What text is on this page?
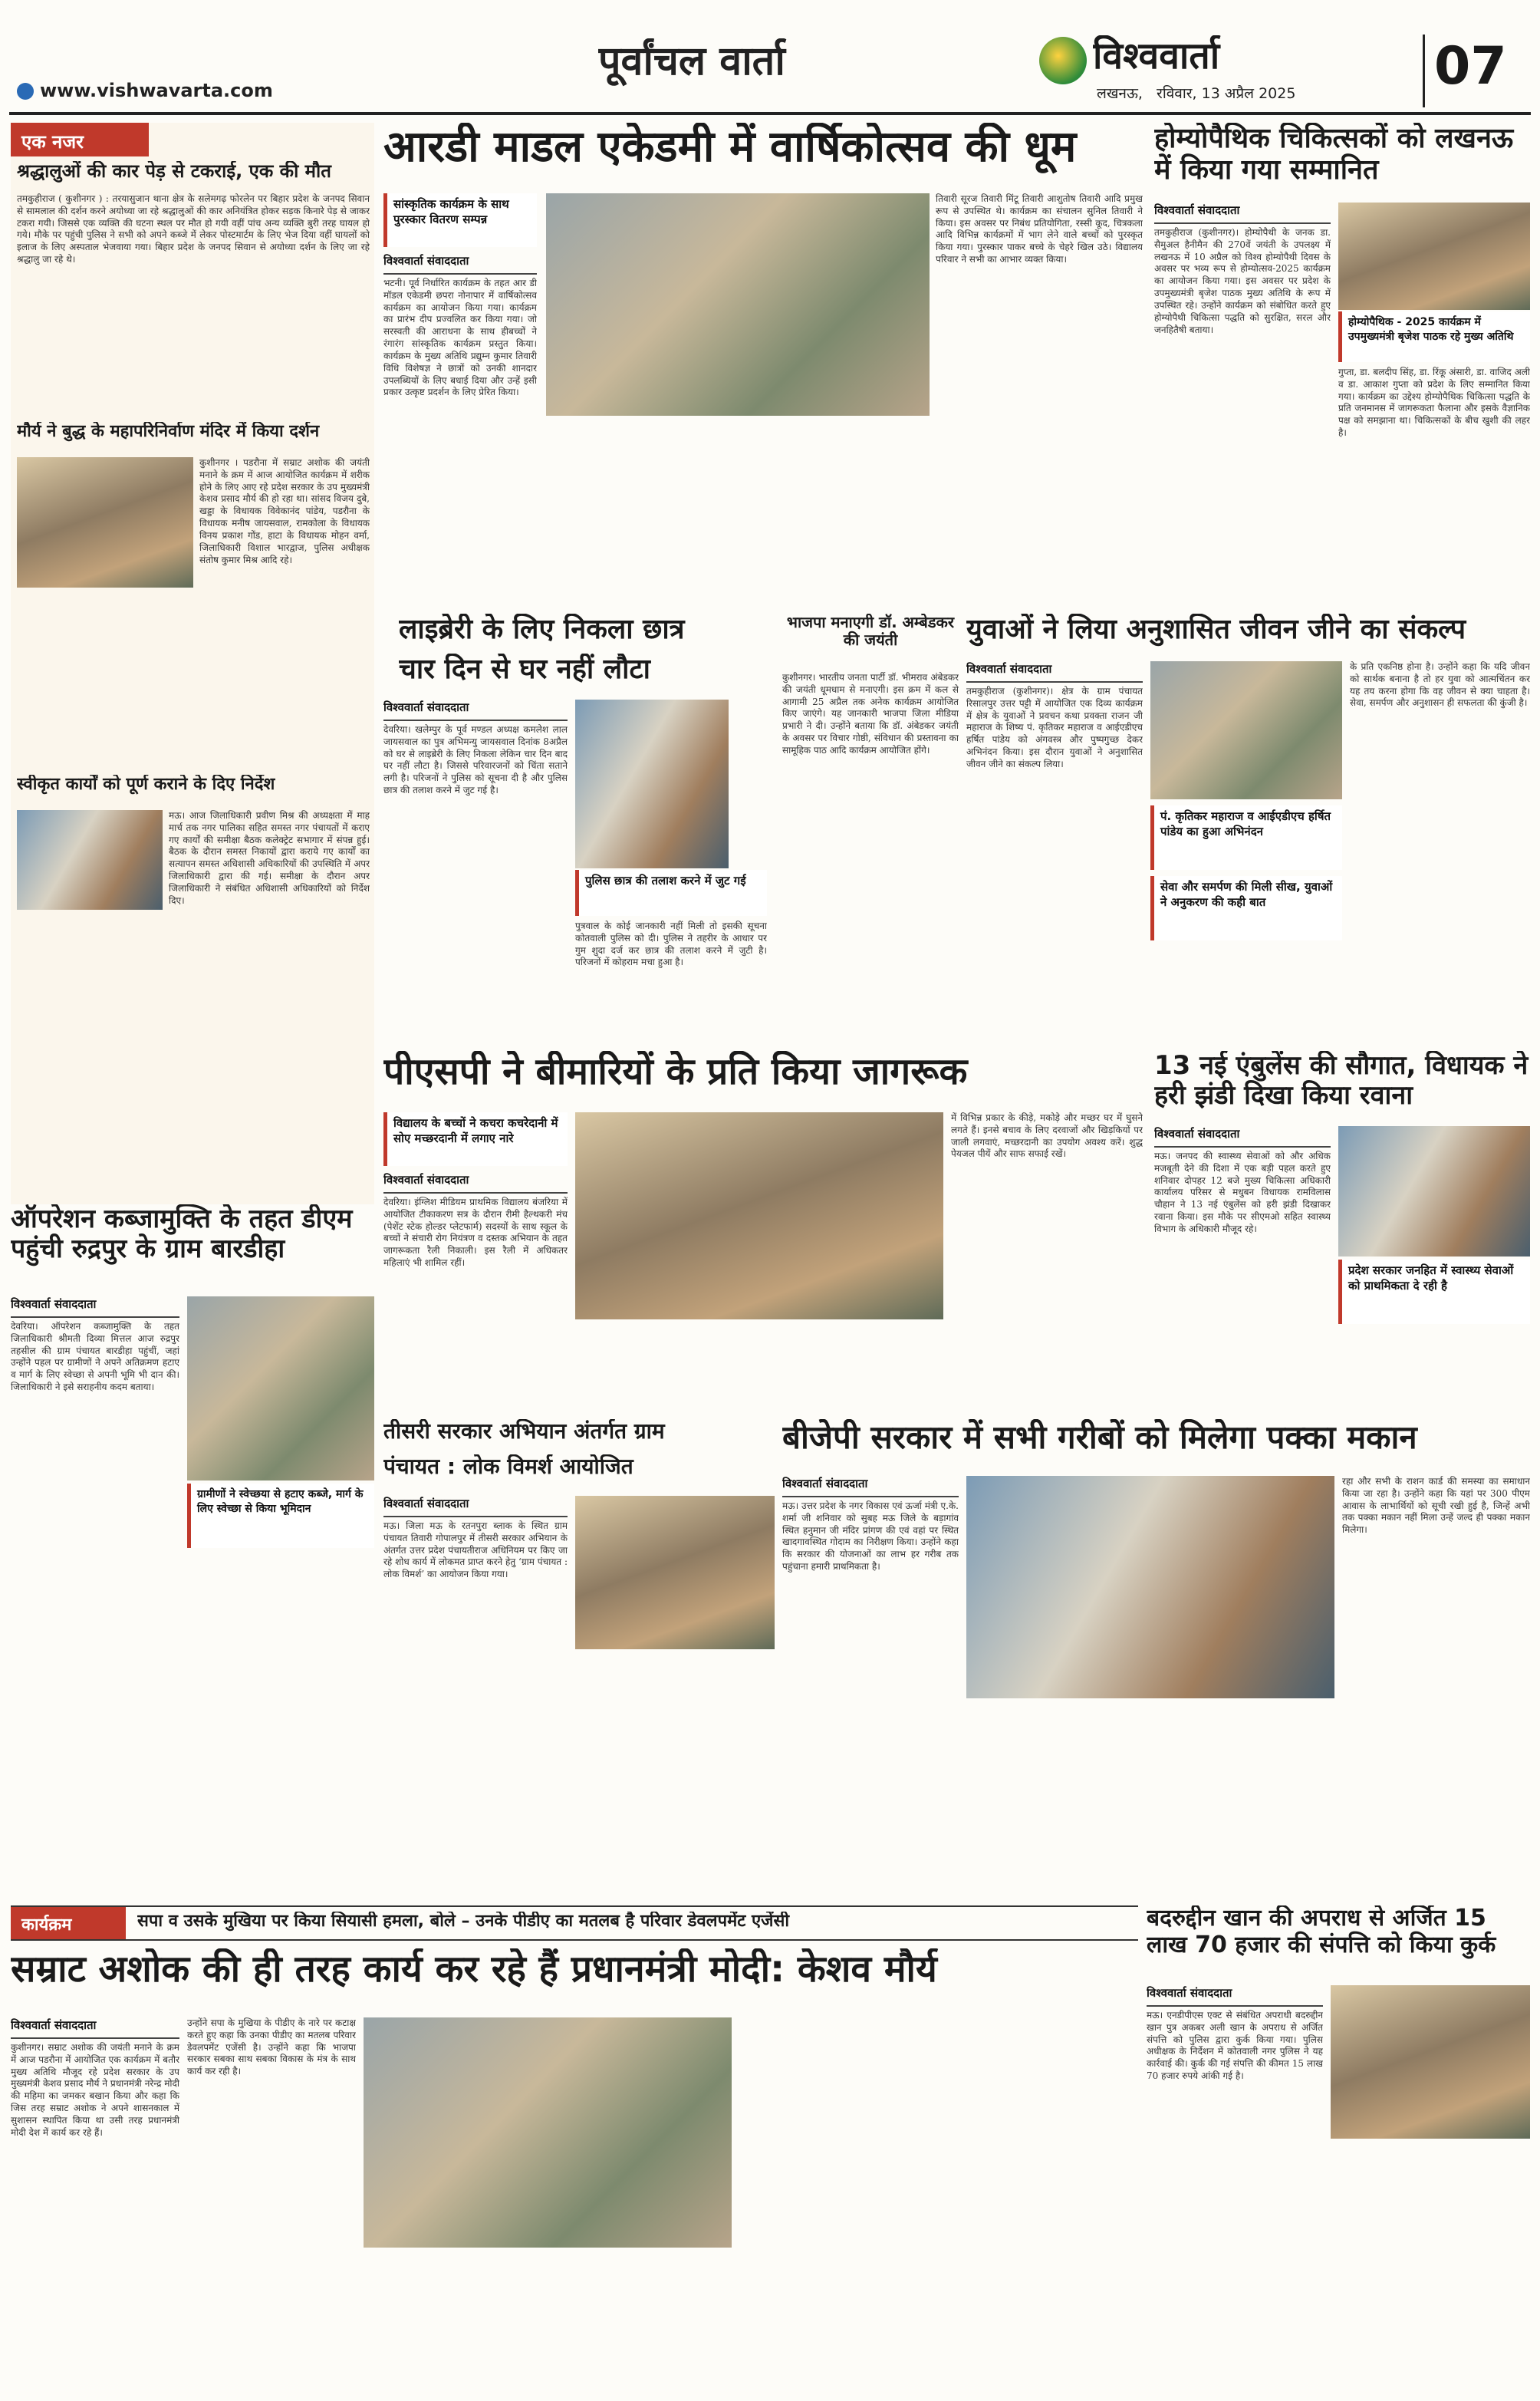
www.vishwavarta.com
पूर्वांचल वार्ता	विश्ववार्ता
लखनऊ,   रविवार, 13 अप्रैल 2025	07
एक नजर
श्रद्धालुओं की कार पेड़ से टकराई, एक की मौत
तमकुहीराज ( कुशीनगर ) : तरयासुजान थाना क्षेत्र के सलेमगढ़ फोरलेन पर बिहार प्रदेश के जनपद सिवान से सामलाल की दर्शन करने अयोध्या जा रहे श्रद्धालुओं की कार अनियंत्रित होकर सड़क किनारे पेड़ से जाकर टकरा गयी। जिससे एक व्यक्ति की घटना स्थल पर मौत हो गयी वहीं पांच अन्य व्यक्ति बुरी तरह घायल हो गये। मौके पर पहुंची पुलिस ने सभी को अपने कब्जे में लेकर पोस्टमार्टम के लिए भेज दिया वहीं घायलों को इलाज के लिए अस्पताल भेजवाया गया। बिहार प्रदेश के जनपद सिवान से अयोध्या दर्शन के लिए जा रहे श्रद्धालु जा रहे थे।
मौर्य ने बुद्ध के महापरिनिर्वाण मंदिर में किया दर्शन
कुशीनगर । पडरौना में सम्राट अशोक की जयंती मनाने के क्रम में आज आयोजित कार्यक्रम में शरीक होने के लिए आए रहे प्रदेश सरकार के उप मुख्यमंत्री केशव प्रसाद मौर्य की हो रहा था। सांसद विजय दुबे, खड्डा के विधायक विवेकानंद पांडेय, पडरौना के विधायक मनीष जायसवाल, रामकोला के विधायक विनय प्रकाश गोंड, हाटा के विधायक मोहन वर्मा, जिलाधिकारी विशाल भारद्वाज, पुलिस अधीक्षक संतोष कुमार मिश्र आदि रहे।
स्वीकृत कार्यों को पूर्ण कराने के दिए निर्देश
मऊ। आज जिलाधिकारी प्रवीण मिश्र की अध्यक्षता में माह मार्च तक नगर पालिका सहित समस्त नगर पंचायतों में कराए गए कार्यों की समीक्षा बैठक कलेक्ट्रेट सभागार में संपन्न हुई। बैठक के दौरान समस्त निकायों द्वारा कराये गए कार्यों का सत्यापन समस्त अधिशासी अधिकारियों की उपस्थिति में अपर जिलाधिकारी द्वारा की गई। समीक्षा के दौरान अपर जिलाधिकारी ने संबंधित अधिशासी अधिकारियों को निर्देश दिए।
आरडी माडल एकेडमी में वार्षिकोत्सव की धूम
सांस्कृतिक कार्यक्रम के साथ पुरस्कार वितरण सम्पन्न
विश्ववार्ता संवाददाता
भटनी। पूर्व निर्धारित कार्यक्रम के तहत आर डी मॉडल एकेडमी छपरा नोनापार में वार्षिकोत्सव कार्यक्रम का आयोजन किया गया। कार्यक्रम का प्रारंभ दीप प्रज्वलित कर किया गया। जो सरस्वती की आराधना के साथ हीबच्चों ने रंगारंग सांस्कृतिक कार्यक्रम प्रस्तुत किया। कार्यक्रम के मुख्य अतिथि प्रद्युम्न कुमार तिवारी विधि विशेषज्ञ ने छात्रों को उनकी शानदार उपलब्धियों के लिए बधाई दिया और उन्हें इसी प्रकार उत्कृष्ट प्रदर्शन के लिए प्रेरित किया।
तिवारी सूरज तिवारी मिंटू तिवारी आशुतोष तिवारी आदि प्रमुख रूप से उपस्थित थे। कार्यक्रम का संचालन सुनिल तिवारी ने किया। इस अवसर पर निबंध प्रतियोगिता, रस्सी कूद, चित्रकला आदि विभिन्न कार्यक्रमों में भाग लेने वाले बच्चों को पुरस्कृत किया गया। पुरस्कार पाकर बच्चे के चेहरे खिल उठे। विद्यालय परिवार ने सभी का आभार व्यक्त किया।
होम्योपैथिक चिकित्सकों को लखनऊ में किया गया सम्मानित
विश्ववार्ता संवाददाता
तमकुहीराज (कुशीनगर)। होम्योपैथी के जनक डा. सैमुअल हैनीमैन की 270वें जयंती के उपलक्ष्य में लखनऊ में 10 अप्रैल को विश्व होम्योपैथी दिवस के अवसर पर भव्य रूप से होम्योत्सव-2025 कार्यक्रम का आयोजन किया गया। इस अवसर पर प्रदेश के उपमुख्यमंत्री बृजेश पाठक मुख्य अतिथि के रूप में उपस्थित रहे। उन्होंने कार्यक्रम को संबोधित करते हुए होम्योपैथी चिकित्सा पद्धति को सुरक्षित, सरल और जनहितैषी बताया।
होम्योपैथिक - 2025 कार्यक्रम में उपमुख्यमंत्री बृजेश पाठक रहे मुख्य अतिथि
गुप्ता, डा. बलदीप सिंह, डा. रिंकू अंसारी, डा. वाजिद अली व डा. आकाश गुप्ता को प्रदेश के लिए सम्मानित किया गया। कार्यक्रम का उद्देश्य होम्योपैथिक चिकित्सा पद्धति के प्रति जनमानस में जागरूकता फैलाना और इसके वैज्ञानिक पक्ष को समझाना था। चिकित्सकों के बीच खुशी की लहर है।
लाइब्रेरी के लिए निकला छात्र
चार दिन से घर नहीं लौटा
विश्ववार्ता संवाददाता
देवरिया। खलेम्पुर के पूर्व मण्डल अध्यक्ष कमलेश लाल जायसवाल का पुत्र अभिमन्यु जायसवाल दिनांक 8अप्रैल को घर से लाइब्रेरी के लिए निकला लेकिन चार दिन बाद घर नहीं लौटा है। जिससे परिवारजनों को चिंता सताने लगी है। परिजनों ने पुलिस को सूचना दी है और पुलिस छात्र की तलाश करने में जुट गई है।
पुलिस छात्र की तलाश करने में जुट गई
पुत्रवाल के कोई जानकारी नहीं मिली तो इसकी सूचना कोतवाली पुलिस को दी। पुलिस ने तहरीर के आधार पर गुम शुदा दर्ज कर छात्र की तलाश करने में जुटी है। परिजनों में कोहराम मचा हुआ है।
भाजपा मनाएगी डॉ. अम्बेडकर की जयंती
कुशीनगर। भारतीय जनता पार्टी डॉ. भीमराव अंबेडकर की जयंती धूमधाम से मनाएगी। इस क्रम में कल से आगामी 25 अप्रैल तक अनेक कार्यक्रम आयोजित किए जाएंगे। यह जानकारी भाजपा जिला मीडिया प्रभारी ने दी। उन्होंने बताया कि डॉ. अंबेडकर जयंती के अवसर पर विचार गोष्ठी, संविधान की प्रस्तावना का सामूहिक पाठ आदि कार्यक्रम आयोजित होंगे।
युवाओं ने लिया अनुशासित जीवन जीने का संकल्प
विश्ववार्ता संवाददाता
तमकुहीराज (कुशीनगर)। क्षेत्र के ग्राम पंचायत रिसालपुर उत्तर पट्टी में आयोजित एक दिव्य कार्यक्रम में क्षेत्र के युवाओं ने प्रवचन कथा प्रवक्ता राजन जी महाराज के शिष्य पं. कृतिकर महाराज व आईएडीएच हर्षित पांडेय को अंगवस्त्र और पुष्पगुच्छ देकर अभिनंदन किया। इस दौरान युवाओं ने अनुशासित जीवन जीने का संकल्प लिया।
पं. कृतिकर महाराज व आईएडीएच हर्षित पांडेय का हुआ अभिनंदन
सेवा और समर्पण की मिली सीख, युवाओं ने अनुकरण की कही बात
के प्रति एकनिष्ठ होना है। उन्होंने कहा कि यदि जीवन को सार्थक बनाना है तो हर युवा को आत्मचिंतन कर यह तय करना होगा कि वह जीवन से क्या चाहता है। सेवा, समर्पण और अनुशासन ही सफलता की कुंजी है।
पीएसपी ने बीमारियों के प्रति किया जागरूक
विद्यालय के बच्चों ने कचरा कचरेदानी में सोए मच्छरदानी में लगाए नारे
विश्ववार्ता संवाददाता
देवरिया। इंग्लिश मीडियम प्राथमिक विद्यालय बंजरिया में आयोजित टीकाकरण सत्र के दौरान रीमी हैल्थकरी मंच (पेशेंट स्टेक होल्डर प्लेटफार्म) सदस्यों के साथ स्कूल के बच्चों ने संचारी रोग नियंत्रण व दस्तक अभियान के तहत जागरूकता रैली निकाली। इस रैली में अधिकतर महिलाएं भी शामिल रहीं।
में विभिन्न प्रकार के कीड़े, मकोड़े और मच्छर घर में घुसने लगते हैं। इनसे बचाव के लिए दरवाजों और खिड़कियों पर जाली लगवाएं, मच्छरदानी का उपयोग अवश्य करें। शुद्ध पेयजल पीयें और साफ सफाई रखें।
13 नई एंबुलेंस की सौगात, विधायक ने हरी झंडी दिखा किया रवाना
विश्ववार्ता संवाददाता
मऊ। जनपद की स्वास्थ्य सेवाओं को और अधिक मजबूती देने की दिशा में एक बड़ी पहल करते हुए शनिवार दोपहर 12 बजे मुख्य चिकित्सा अधिकारी कार्यालय परिसर से मधुबन विधायक रामविलास चौहान ने 13 नई एंबुलेंस को हरी झंडी दिखाकर रवाना किया। इस मौके पर सीएमओ सहित स्वास्थ्य विभाग के अधिकारी मौजूद रहे।
प्रदेश सरकार जनहित में स्वास्थ्य सेवाओं को प्राथमिकता दे रही है
ऑपरेशन कब्जामुक्ति के तहत डीएम पहुंची रुद्रपुर के ग्राम बारडीहा
विश्ववार्ता संवाददाता
देवरिया। ऑपरेशन कब्जामुक्ति के तहत जिलाधिकारी श्रीमती दिव्या मित्तल आज रुद्रपुर तहसील की ग्राम पंचायत बारडीहा पहुंचीं, जहां उन्होंने पहल पर ग्रामीणों ने अपने अतिक्रमण हटाए व मार्ग के लिए स्वेच्छा से अपनी भूमि भी दान की। जिलाधिकारी ने इसे सराहनीय कदम बताया।
ग्रामीणों ने स्वेच्छया से हटाए कब्जे, मार्ग के लिए स्वेच्छा से किया भूमिदान
तीसरी सरकार अभियान अंतर्गत ग्राम
पंचायत : लोक विमर्श आयोजित
विश्ववार्ता संवाददाता
मऊ। जिला मऊ के रतनपुरा ब्लाक के स्थित ग्राम पंचायत तिवारी गोपालपुर में तीसरी सरकार अभियान के अंतर्गत उत्तर प्रदेश पंचायतीराज अधिनियम पर किए जा रहे शोध कार्य में लोकमत प्राप्त करने हेतु ‘ग्राम पंचायत : लोक विमर्श’ का आयोजन किया गया।
बीजेपी सरकार में सभी गरीबों को मिलेगा पक्का मकान
विश्ववार्ता संवाददाता
मऊ। उत्तर प्रदेश के नगर विकास एवं ऊर्जा मंत्री ए.के. शर्मा जी शनिवार को सुबह मऊ जिले के बड़ागांव स्थित हनुमान जी मंदिर प्रांगण की एवं वहां पर स्थित खादगावस्थित गोदाम का निरीक्षण किया। उन्होंने कहा कि सरकार की योजनाओं का लाभ हर गरीब तक पहुंचाना हमारी प्राथमिकता है।
रहा और सभी के राशन कार्ड की समस्या का समाधान किया जा रहा है। उन्होंने कहा कि यहां पर 300 पीएम आवास के लाभार्थियों को सूची रखी हुई है, जिन्हें अभी तक पक्का मकान नहीं मिला उन्हें जल्द ही पक्का मकान मिलेगा।
कार्यक्रम	सपा व उसके मुखिया पर किया सियासी हमला, बोले – उनके पीडीए का मतलब है परिवार डेवलपमेंट एजेंसी
सम्राट अशोक की ही तरह कार्य कर रहे हैं प्रधानमंत्री मोदी: केशव मौर्य
विश्ववार्ता संवाददाता
कुशीनगर। सम्राट अशोक की जयंती मनाने के क्रम में आज पडरौना में आयोजित एक कार्यक्रम में बतौर मुख्य अतिथि मौजूद रहे प्रदेश सरकार के उप मुख्यमंत्री केशव प्रसाद मौर्य ने प्रधानमंत्री नरेन्द्र मोदी की महिमा का जमकर बखान किया और कहा कि जिस तरह सम्राट अशोक ने अपने शासनकाल में सुशासन स्थापित किया था उसी तरह प्रधानमंत्री मोदी देश में कार्य कर रहे हैं।
उन्होंने सपा के मुखिया के पीडीए के नारे पर कटाक्ष करते हुए कहा कि उनका पीडीए का मतलब परिवार डेवलपमेंट एजेंसी है। उन्होंने कहा कि भाजपा सरकार सबका साथ सबका विकास के मंत्र के साथ कार्य कर रही है।
बदरुद्दीन खान की अपराध से अर्जित 15 लाख 70 हजार की संपत्ति को किया कुर्क
विश्ववार्ता संवाददाता
मऊ। एनडीपीएस एक्ट से संबंधित अपराधी बदरुद्दीन खान पुत्र अकबर अली खान के अपराध से अर्जित संपत्ति को पुलिस द्वारा कुर्क किया गया। पुलिस अधीक्षक के निर्देशन में कोतवाली नगर पुलिस ने यह कार्रवाई की। कुर्क की गई संपत्ति की कीमत 15 लाख 70 हजार रुपये आंकी गई है।
